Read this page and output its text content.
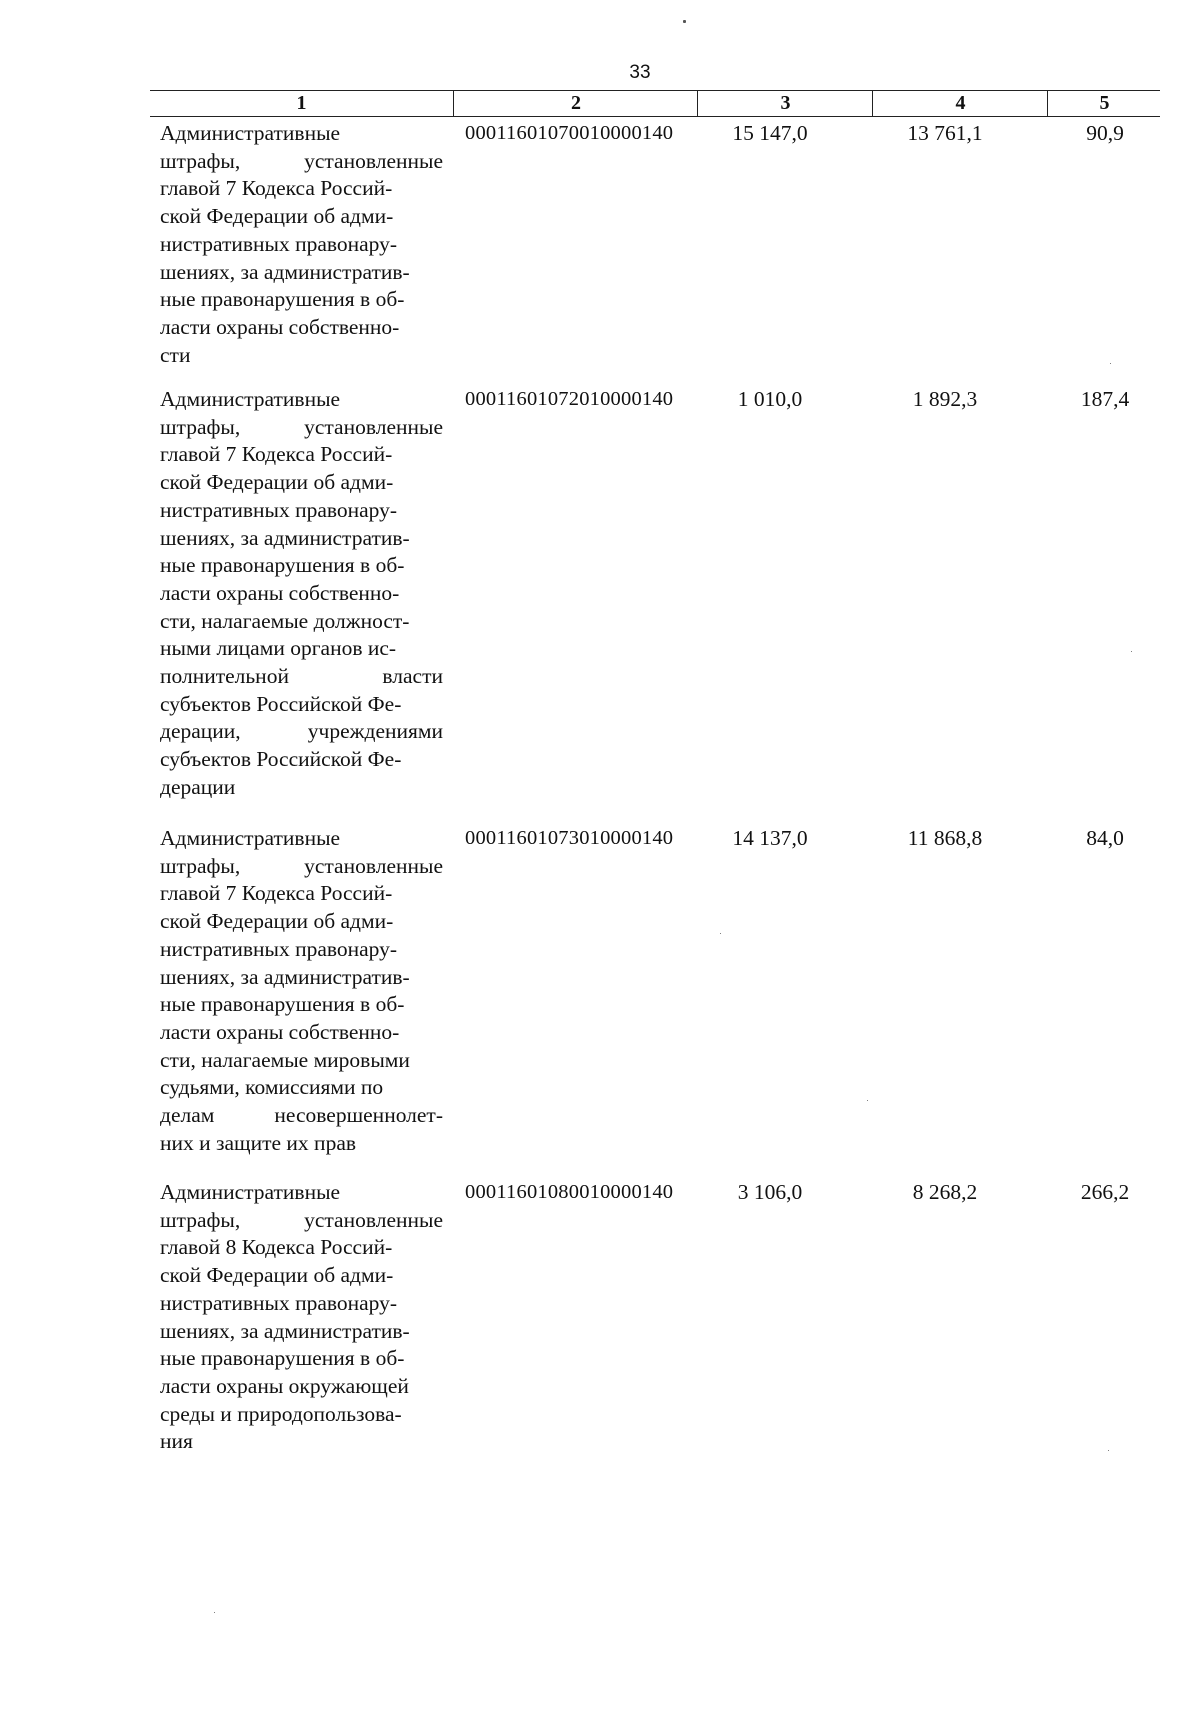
33
1	2	3	4	5
Административные
штрафы, установленные
главой 7 Кодекса Россий-
ской Федерации об адми-
нистративных правонару-
шениях, за административ-
ные правонарушения в об-
ласти охраны собственно-
сти
00011601070010000140	15 147,0	13 761,1	90,9
Административные
штрафы, установленные
главой 7 Кодекса Россий-
ской Федерации об адми-
нистративных правонару-
шениях, за административ-
ные правонарушения в об-
ласти охраны собственно-
сти, налагаемые должност-
ными лицами органов ис-
полнительной власти
субъектов Российской Фе-
дерации, учреждениями
субъектов Российской Фе-
дерации
00011601072010000140	1 010,0	1 892,3	187,4
Административные
штрафы, установленные
главой 7 Кодекса Россий-
ской Федерации об адми-
нистративных правонару-
шениях, за административ-
ные правонарушения в об-
ласти охраны собственно-
сти, налагаемые мировыми
судьями, комиссиями по
делам несовершеннолет-
них и защите их прав
00011601073010000140	14 137,0	11 868,8	84,0
Административные
штрафы, установленные
главой 8 Кодекса Россий-
ской Федерации об адми-
нистративных правонару-
шениях, за административ-
ные правонарушения в об-
ласти охраны окружающей
среды и природопользова-
ния
00011601080010000140	3 106,0	8 268,2	266,2
